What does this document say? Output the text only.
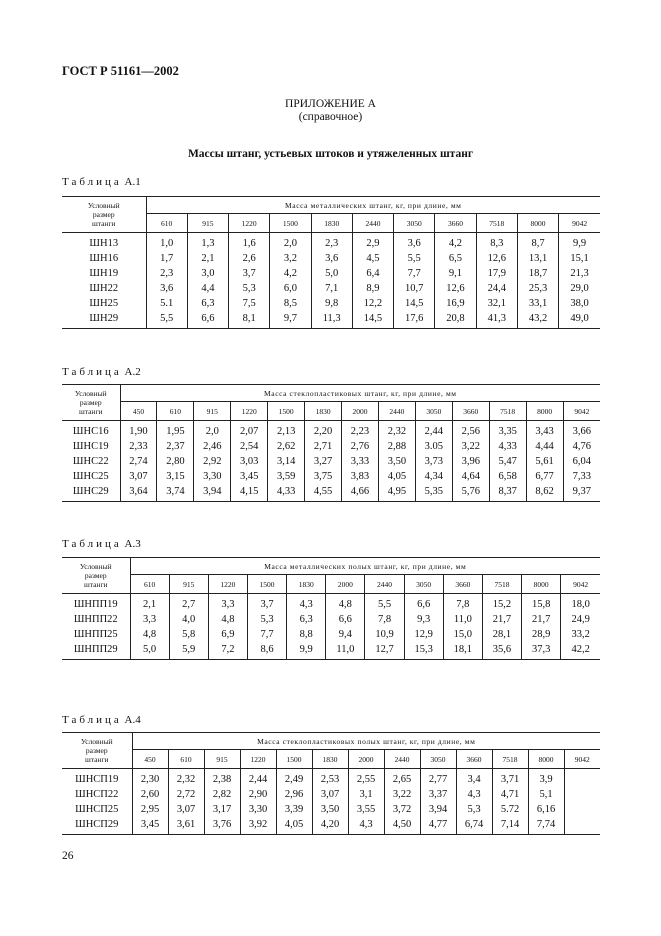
ГОСТ Р 51161—2002
ПРИЛОЖЕНИЕ А
(справочное)
Массы штанг, устьевых штоков и утяжеленных штанг
Таблица А.1
Условный
размер
штанги	Масса металлических штанг, кг, при длине, мм										
	610	915	1220	1500	1830	2440	3050	3660	7518	8000	9042
ШН13	1,0	1,3	1,6	2,0	2,3	2,9	3,6	4,2	8,3	8,7	9,9
ШН16	1,7	2,1	2,6	3,2	3,6	4,5	5,5	6,5	12,6	13,1	15,1
ШН19	2,3	3,0	3,7	4,2	5,0	6,4	7,7	9,1	17,9	18,7	21,3
ШН22	3,6	4,4	5,3	6,0	7,1	8,9	10,7	12,6	24,4	25,3	29,0
ШН25	5.1	6,3	7,5	8,5	9,8	12,2	14,5	16,9	32,1	33,1	38,0
ШН29	5,5	6,6	8,1	9,7	11,3	14,5	17,6	20,8	41,3	43,2	49,0
Таблица А.2
Условный
размер
штанги	Масса стеклопластиковых штанг, кг, при длине, мм												
	450	610	915	1220	1500	1830	2000	2440	3050	3660	7518	8000	9042
ШНС16	1,90	1,95	2,0	2,07	2,13	2,20	2,23	2,32	2,44	2,56	3,35	3,43	3,66
ШНС19	2,33	2,37	2,46	2,54	2,62	2,71	2,76	2,88	3.05	3,22	4,33	4,44	4,76
ШНС22	2,74	2,80	2,92	3,03	3,14	3,27	3,33	3,50	3,73	3,96	5,47	5,61	6,04
ШНС25	3,07	3,15	3,30	3,45	3,59	3,75	3,83	4,05	4,34	4,64	6,58	6,77	7,33
ШНС29	3,64	3,74	3,94	4,15	4,33	4,55	4,66	4,95	5,35	5,76	8,37	8,62	9,37
Таблица А.3
Условный
размер
штанги	Масса металлических полых штанг, кг, при длине, мм											
	610	915	1220	1500	1830	2000	2440	3050	3660	7518	8000	9042
ШНПП19	2,1	2,7	3,3	3,7	4,3	4,8	5,5	6,6	7,8	15,2	15,8	18,0
ШНПП22	3,3	4,0	4,8	5,3	6,3	6,6	7,8	9,3	11,0	21,7	21,7	24,9
ШНПП25	4,8	5,8	6,9	7,7	8,8	9,4	10,9	12,9	15,0	28,1	28,9	33,2
ШНПП29	5,0	5,9	7,2	8,6	9,9	11,0	12,7	15,3	18,1	35,6	37,3	42,2
Таблица А.4
Условный
размер
штанги	Масса стеклопластиковых полых штанг, кг, при длине, мм												
	450	610	915	1220	1500	1830	2000	2440	3050	3660	7518	8000	9042
ШНСП19	2,30	2,32	2,38	2,44	2,49	2,53	2,55	2,65	2,77	3,4	3,71	3,9	
ШНСП22	2,60	2,72	2,82	2,90	2,96	3,07	3,1	3,22	3,37	4,3	4,71	5,1	
ШНСП25	2,95	3,07	3,17	3,30	3,39	3,50	3,55	3,72	3,94	5,3	5.72	6,16	
ШНСП29	3,45	3,61	3,76	3,92	4,05	4,20	4,3	4,50	4,77	6,74	7,14	7,74	
26
